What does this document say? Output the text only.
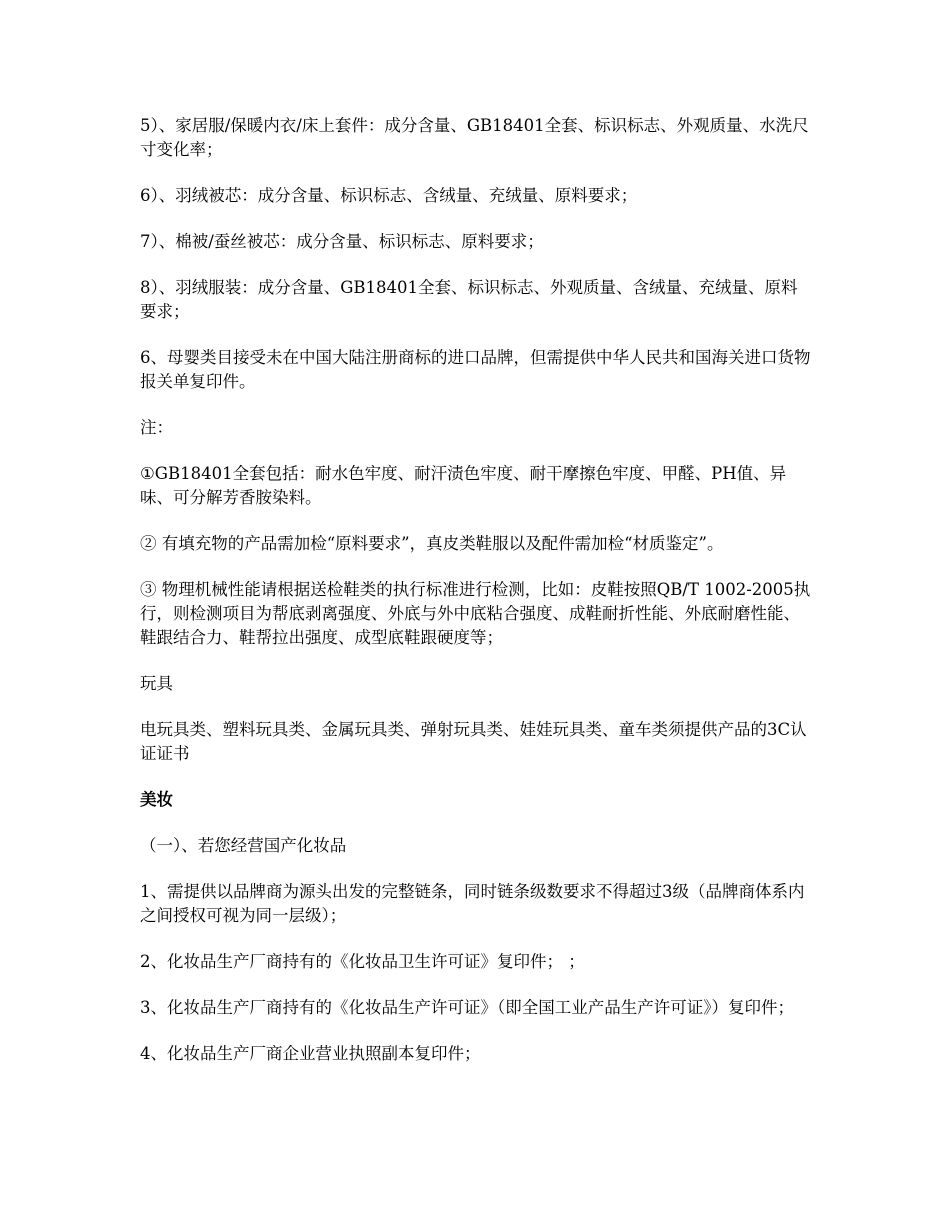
5）、家居服/保暖内衣/床上套件：成分含量、GB18401全套、标识标志、外观质量、水洗尺寸变化率；

6）、羽绒被芯：成分含量、标识标志、含绒量、充绒量、原料要求；

7）、棉被/蚕丝被芯：成分含量、标识标志、原料要求；

8）、羽绒服装：成分含量、GB18401全套、标识标志、外观质量、含绒量、充绒量、原料要求；

6、母婴类目接受未在中国大陆注册商标的进口品牌，但需提供中华人民共和国海关进口货物报关单复印件。

注：

①GB18401全套包括：耐水色牢度、耐汗渍色牢度、耐干摩擦色牢度、甲醛、PH值、异味、可分解芳香胺染料。

② 有填充物的产品需加检“原料要求”，真皮类鞋服以及配件需加检“材质鉴定”。

③ 物理机械性能请根据送检鞋类的执行标准进行检测，比如：皮鞋按照QB/T 1002-2005执行，则检测项目为帮底剥离强度、外底与外中底粘合强度、成鞋耐折性能、外底耐磨性能、鞋跟结合力、鞋帮拉出强度、成型底鞋跟硬度等；

玩具

电玩具类、塑料玩具类、金属玩具类、弹射玩具类、娃娃玩具类、童车类须提供产品的3C认证证书

美妆

（一）、若您经营国产化妆品

1、需提供以品牌商为源头出发的完整链条，同时链条级数要求不得超过3级（品牌商体系内之间授权可视为同一层级）；

2、化妆品生产厂商持有的《化妆品卫生许可证》复印件； ；

3、化妆品生产厂商持有的《化妆品生产许可证》（即全国工业产品生产许可证》）复印件；

4、化妆品生产厂商企业营业执照副本复印件；
